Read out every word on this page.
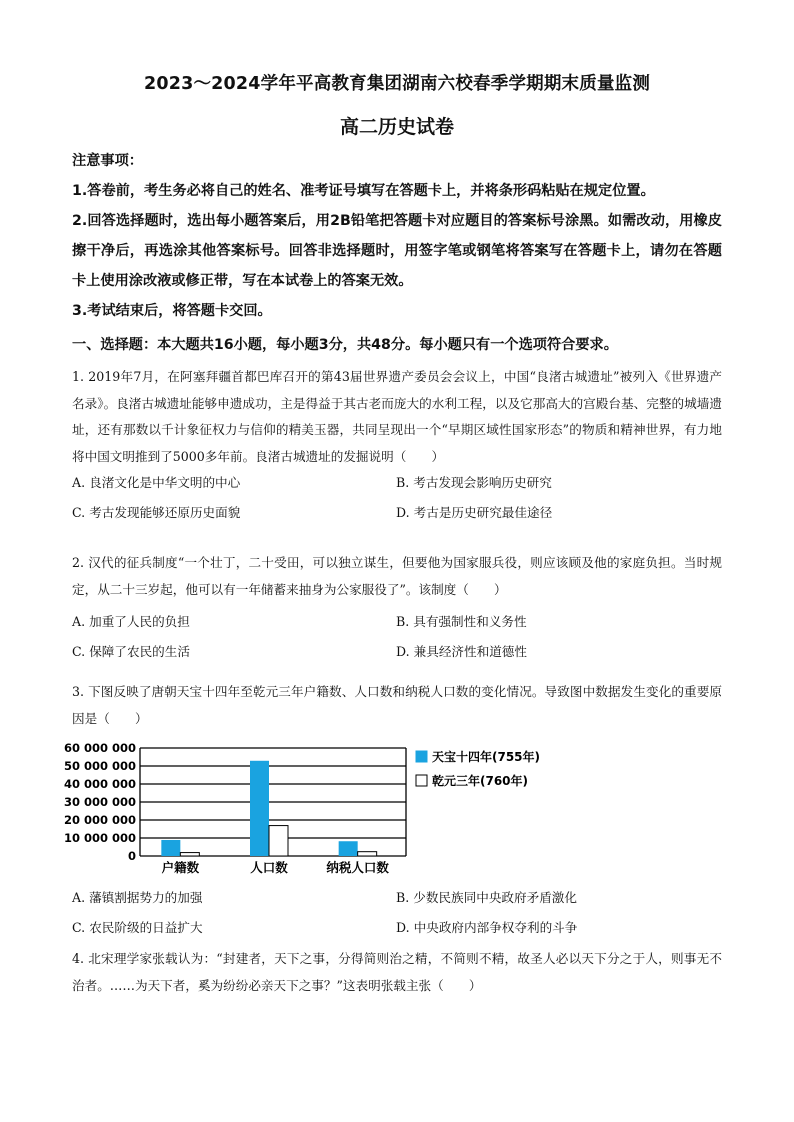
2023～2024学年平高教育集团湖南六校春季学期期末质量监测
高二历史试卷

注意事项：

1.答卷前，考生务必将自己的姓名、准考证号填写在答题卡上，并将条形码粘贴在规定位置。

2.回答选择题时，选出每小题答案后，用2B铅笔把答题卡对应题目的答案标号涂黑。如需改动，用橡皮擦干净后，再选涂其他答案标号。回答非选择题时，用签字笔或钢笔将答案写在答题卡上，请勿在答题卡上使用涂改液或修正带，写在本试卷上的答案无效。

3.考试结束后，将答题卡交回。

一、选择题：本大题共16小题，每小题3分，共48分。每小题只有一个选项符合要求。

1. 2019年7月，在阿塞拜疆首都巴库召开的第43届世界遗产委员会会议上，中国“良渚古城遗址”被列入《世界遗产名录》。良渚古城遗址能够申遗成功，主是得益于其古老而庞大的水利工程，以及它那高大的宫殿台基、完整的城墙遗址，还有那数以千计象征权力与信仰的精美玉器，共同呈现出一个“早期区域性国家形态”的物质和精神世界，有力地将中国文明推到了5000多年前。良渚古城遗址的发掘说明（　　）

A. 良渚文化是中华文明的中心	B. 考古发现会影响历史研究
C. 考古发现能够还原历史面貌	D. 考古是历史研究最佳途径

2. 汉代的征兵制度“一个壮丁，二十受田，可以独立谋生，但要他为国家服兵役，则应该顾及他的家庭负担。当时规定，从二十三岁起，他可以有一年储蓄来抽身为公家服役了”。该制度（　　）

A. 加重了人民的负担	B. 具有强制性和义务性
C. 保障了农民的生活	D. 兼具经济性和道德性

3. 下图反映了唐朝天宝十四年至乾元三年户籍数、人口数和纳税人口数的变化情况。导致图中数据发生变化的重要原因是（　　）

0
10 000 000
20 000 000
30 000 000
40 000 000
50 000 000
60 000 000
户籍数	人口数	纳税人口数
天宝十四年(755年)
乾元三年(760年)
A. 藩镇割据势力的加强	B. 少数民族同中央政府矛盾激化
C. 农民阶级的日益扩大	D. 中央政府内部争权夺利的斗争

4. 北宋理学家张载认为：“封建者，天下之事，分得简则治之精，不简则不精，故圣人必以天下分之于人，则事无不治者。……为天下者，奚为纷纷必亲天下之事？”这表明张载主张（　　）
